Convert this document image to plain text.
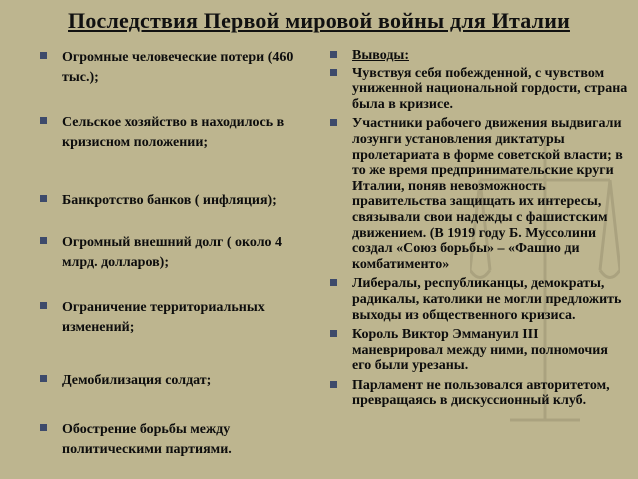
Последствия Первой мировой войны для Италии
Огромные человеческие потери (460 тыс.);
Сельское хозяйство в находилось в кризисном положении;
Банкротство банков ( инфляция);
Огромный внешний долг ( около 4 млрд. долларов);
Ограничение территориальных изменений;
Демобилизация солдат;
Обострение борьбы между политическими партиями.
Выводы:
Чувствуя себя побежденной, с чувством униженной национальной гордости, страна была в кризисе.
Участники рабочего движения выдвигали лозунги установления диктатуры пролетариата в форме советской власти; в то же время предпринимательские круги Италии, поняв невозможность правительства защищать их интересы, связывали свои надежды с фашистским движением. (В 1919 году Б. Муссолини создал «Союз борьбы» – «Фашио ди комбатименто»
Либералы, республиканцы, демократы, радикалы, католики не могли предложить выходы из общественного кризиса.
Король Виктор Эммануил III маневрировал между ними, полномочия его были урезаны.
Парламент не пользовался авторитетом, превращаясь в дискуссионный клуб.
